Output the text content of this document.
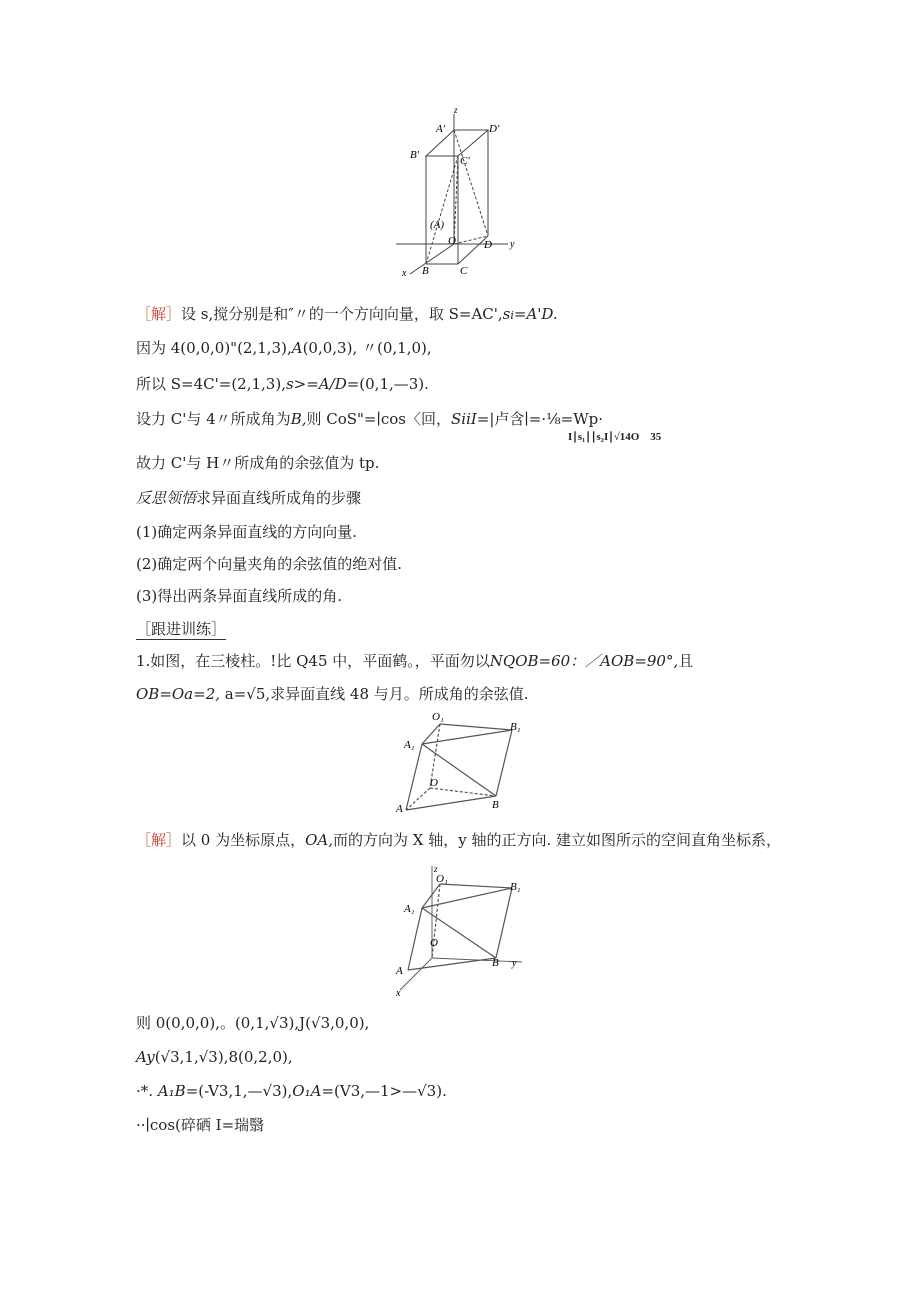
z
y
x
A'	D'
B'	C'
(A)
O	D
B	C
［解］设 s,搅分别是和″〃的一个方向向量，取 S=AC',si=A'D.
因为 4(0,0,0)"(2,1,3),A(0,0,3), 〃(0,1,0),
所以 S=4C'=(2,1,3),s>=A/D=(0,1,—3).
设力 C'与 4〃所成角为B,则 CoS"=∣cos〈回，SiiI=|卢含∣=·⅛=Wp·
I∣s₁∣∣s₂I∣√14O　35
故力 C'与 H〃所成角的余弦值为 tp.
反思领悟求异面直线所成角的步骤
(1)确定两条异面直线的方向向量.
(2)确定两个向量夹角的余弦值的绝对值.
(3)得出两条异面直线所成的角.
［跟进训练］
1.如图，在三棱柱。!比 Q45 中，平面鹤。，平面勿以NQOB=60：／AOB=90°,且
OB=Oa=2, a=√5,求异面直线 48 与月。所成角的余弦值.
O₁
B₁
A₁
O
A	B
［解］以 0 为坐标原点，OA,而的方向为 X 轴，y 轴的正方向. 建立如图所示的空间直角坐标系，
z
O₁
B₁
A₁
O
A
B y
x
则 0(0,0,0),。(0,1,√3),J(√3,0,0),
Ay(√3,1,√3),8(0,2,0),
·*. A₁B=(-V3,1,—√3),O₁A=(V3,—1>—√3).
··∣cos(碎硒 I=瑞翳
